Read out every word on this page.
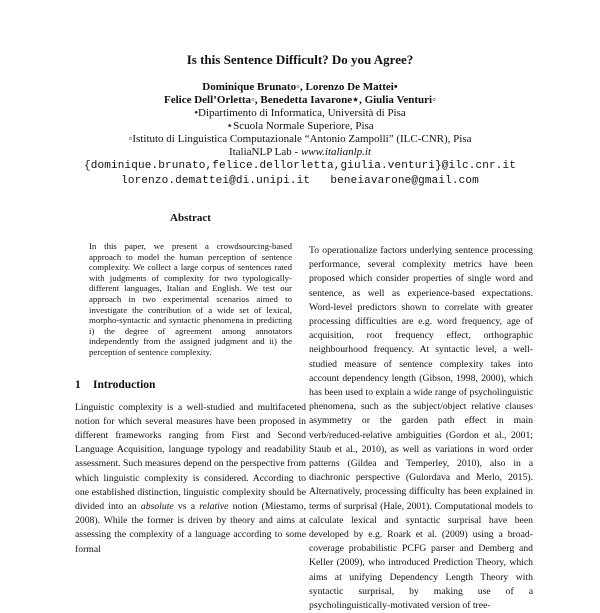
Is this Sentence Difficult? Do you Agree?
Dominique Brunato◦, Lorenzo De Mattei•
Felice Dell’Orletta◦, Benedetta Iavarone⋆, Giulia Venturi◦
•Dipartimento di Informatica, Università di Pisa
⋆Scuola Normale Superiore, Pisa
◦Istituto di Linguistica Computazionale “Antonio Zampolli” (ILC-CNR), Pisa
ItaliaNLP Lab - www.italianlp.it
{dominique.brunato,felice.dellorletta,giulia.venturi}@ilc.cnr.it
lorenzo.demattei@di.unipi.it   beneiavarone@gmail.com
Abstract
In this paper, we present a crowdsourcing-based approach to model the human perception of sentence complexity. We collect a large corpus of sentences rated with judgments of complexity for two typologically-different languages, Italian and English. We test our approach in two experimental scenarios aimed to investigate the contribution of a wide set of lexical, morpho-syntactic and syntactic phenomena in predicting i) the degree of agreement among annotators independently from the assigned judgment and ii) the perception of sentence complexity.
1 Introduction
Linguistic complexity is a well-studied and multifaceted notion for which several measures have been proposed in different frameworks ranging from First and Second Language Acquisition, language typology and readability assessment. Such measures depend on the perspective from which linguistic complexity is considered. According to one established distinction, linguistic complexity should be divided into an absolute vs a relative notion (Miestamo, 2008). While the former is driven by theory and aims at assessing the complexity of a language according to some formal
To operationalize factors underlying sentence processing performance, several complexity metrics have been proposed which consider properties of single word and sentence, as well as experience-based expectations. Word-level predictors shown to correlate with greater processing difficulties are e.g. word frequency, age of acquisition, root frequency effect, orthographic neighbourhood frequency. At syntactic level, a well-studied measure of sentence complexity takes into account dependency length (Gibson, 1998, 2000), which has been used to explain a wide range of psycholinguistic phenomena, such as the subject/object relative clauses asymmetry or the garden path effect in main verb/reduced-relative ambiguities (Gordon et al., 2001; Staub et al., 2010), as well as variations in word order patterns (Gildea and Temperley, 2010), also in a diachronic perspective (Gulordava and Merlo, 2015). Alternatively, processing difficulty has been explained in terms of surprisal (Hale, 2001). Computational models to calculate lexical and syntactic surprisal have been developed by e.g. Roark et al. (2009) using a broad-coverage probabilistic PCFG parser and Demberg and Keller (2009), who introduced Prediction Theory, which aims at unifying Dependency Length Theory with syntactic surprisal, by making use of a psycholinguistically-motivated version of tree-
